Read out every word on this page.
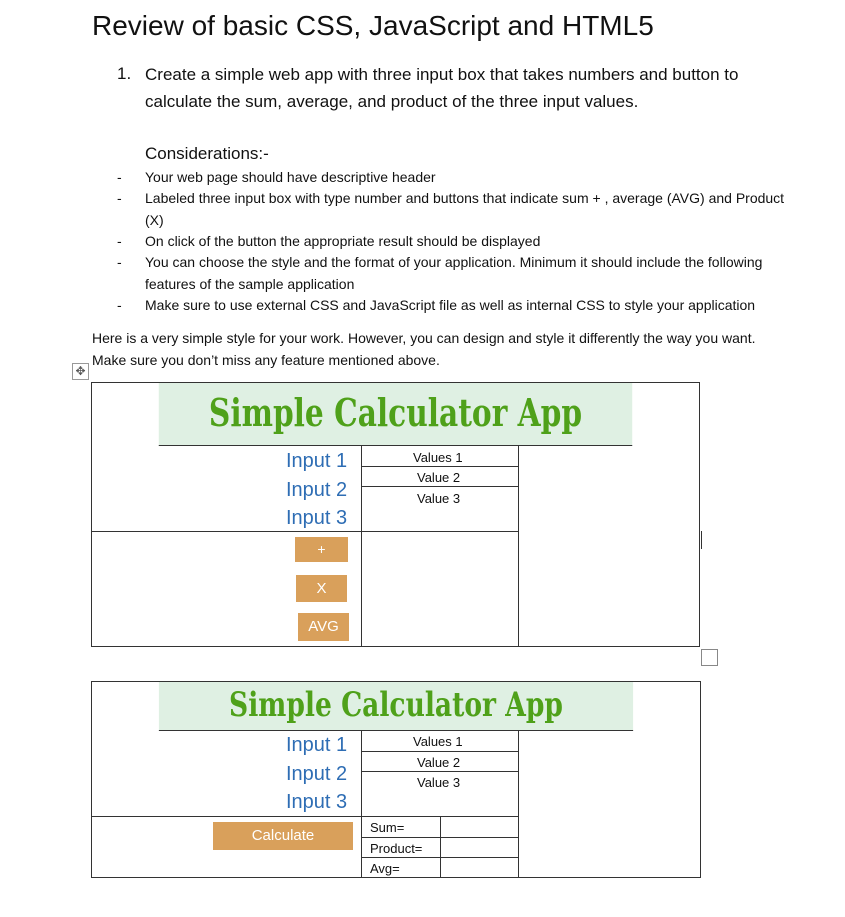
Review of basic CSS, JavaScript and HTML5
1. Create a simple web app with three input box that takes numbers and button to calculate the sum, average, and product of the three input values.
Considerations:-
- Your web page should have descriptive header
- Labeled three input box with type number and buttons that indicate sum + , average (AVG) and Product (X)
- On click of the button the appropriate result should be displayed
- You can choose the style and the format of your application. Minimum it should include the following features of the sample application
- Make sure to use external CSS and JavaScript file as well as internal CSS to style your application
Here is a very simple style for your work. However, you can design and style it differently the way you want. Make sure you don’t miss any feature mentioned above.
✥
Simple Calculator App
Input 1
Input 2
Input 3
Values 1
Value 2
Value 3
+
X
AVG
Simple Calculator App
Input 1
Input 2
Input 3
Values 1
Value 2
Value 3
Calculate	Sum=
Product=
Avg=
